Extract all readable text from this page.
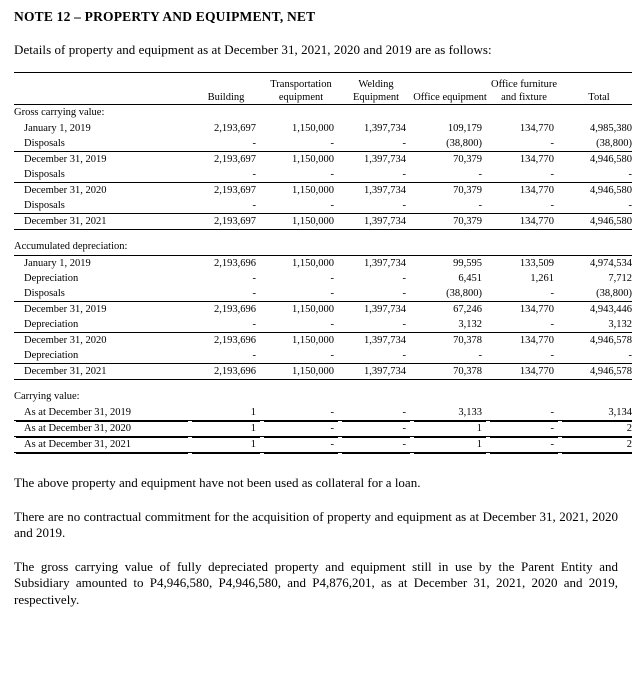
NOTE 12 – PROPERTY AND EQUIPMENT, NET
Details of property and equipment as at December 31, 2021, 2020 and 2019 are as follows:

		Transportation	Welding		Office furniture	
	Building	equipment	Equipment	Office equipment	and fixture	Total
Gross carrying value:						
January 1, 2019	2,193,697	1,150,000	1,397,734	109,179	134,770	4,985,380
Disposals	-	-	-	(38,800)	-	(38,800)
December 31, 2019	2,193,697	1,150,000	1,397,734	70,379	134,770	4,946,580
Disposals	-	-	-	-	-	-
December 31, 2020	2,193,697	1,150,000	1,397,734	70,379	134,770	4,946,580
Disposals	-	-	-	-	-	-
December 31, 2021	2,193,697	1,150,000	1,397,734	70,379	134,770	4,946,580

Accumulated depreciation:						
January 1, 2019	2,193,696	1,150,000	1,397,734	99,595	133,509	4,974,534
Depreciation	-	-	-	6,451	1,261	7,712
Disposals	-	-	-	(38,800)	-	(38,800)
December 31, 2019	2,193,696	1,150,000	1,397,734	67,246	134,770	4,943,446
Depreciation	-	-	-	3,132	-	3,132
December 31, 2020	2,193,696	1,150,000	1,397,734	70,378	134,770	4,946,578
Depreciation	-	-	-	-	-	-
December 31, 2021	2,193,696	1,150,000	1,397,734	70,378	134,770	4,946,578

Carrying value:						
As at December 31, 2019	1	-	-	3,133	-	3,134
As at December 31, 2020	1	-	-	1	-	2
As at December 31, 2021	1	-	-	1	-	2
The above property and equipment have not been used as collateral for a loan.
There are no contractual commitment for the acquisition of property and equipment as at December 31, 2021, 2020 and 2019.
The gross carrying value of fully depreciated property and equipment still in use by the Parent Entity and Subsidiary amounted to P4,946,580, P4,946,580, and P4,876,201, as at December 31, 2021, 2020 and 2019, respectively.
